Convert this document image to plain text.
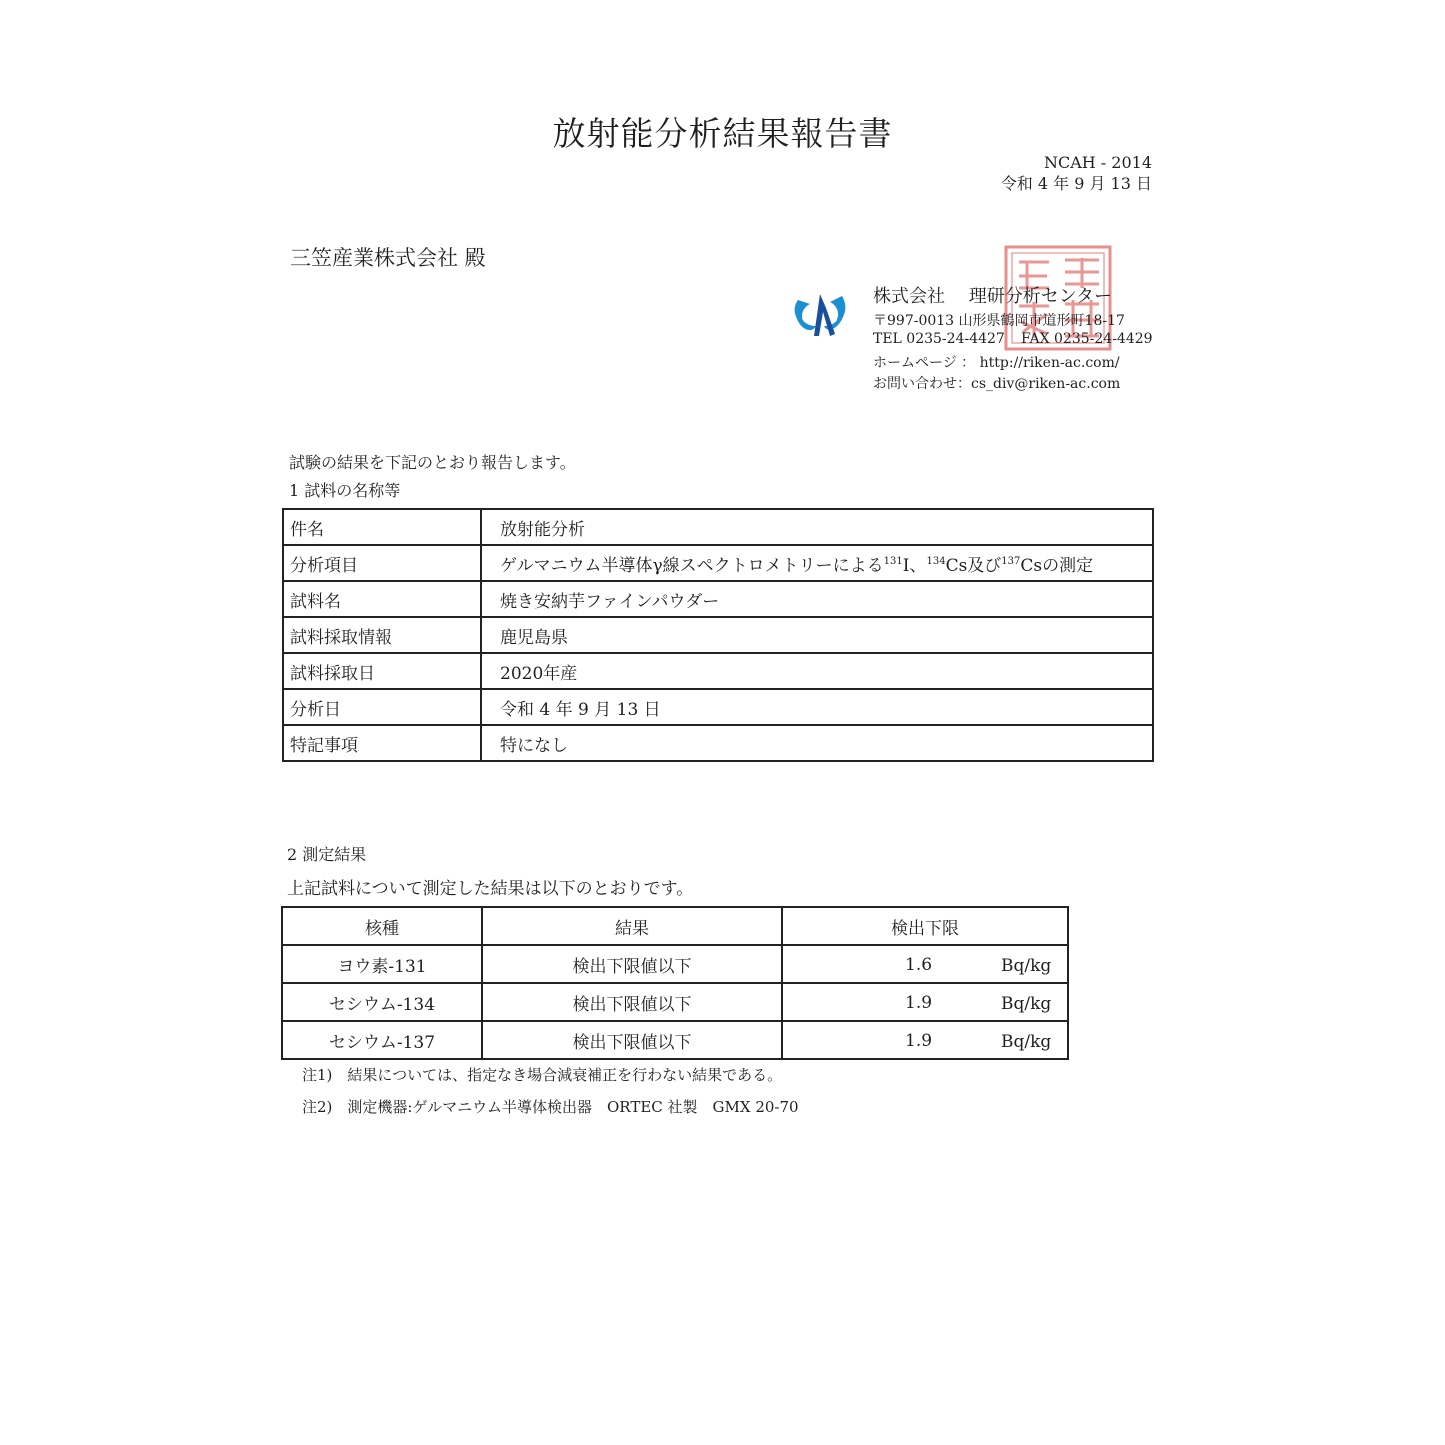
放射能分析結果報告書
NCAH - 2014
令和 4 年 9 月 13 日
三笠産業株式会社 殿
株式会社　 理研分析センター
〒997-0013 山形県鶴岡市道形町18-17
TEL 0235-24-4427 FAX 0235-24-4429
ホームページ ： http://riken-ac.com/
お問い合わせ：cs_div@riken-ac.com
試験の結果を下記のとおり報告します。
1 試料の名称等
件名	放射能分析
分析項目	ゲルマニウム半導体γ線スペクトロメトリーによる$^{131}$I、$^{134}$Cs及び$^{137}$Csの測定
試料名	焼き安納芋ファインパウダー
試料採取情報	鹿児島県
試料採取日	2020年産
分析日	令和 4 年 9 月 13 日
特記事項	特になし
2 測定結果
上記試料について測定した結果は以下のとおりです。
核種	結果	検出下限
ヨウ素-131	検出下限値以下	1.6 Bq/kg

セシウム-134	検出下限値以下	1.9 Bq/kg

セシウム-137	検出下限値以下	1.9 Bq/kg
注1)　結果については、指定なき場合減衰補正を行わない結果である。
注2)　測定機器:ゲルマニウム半導体検出器　ORTEC 社製　GMX 20-70
